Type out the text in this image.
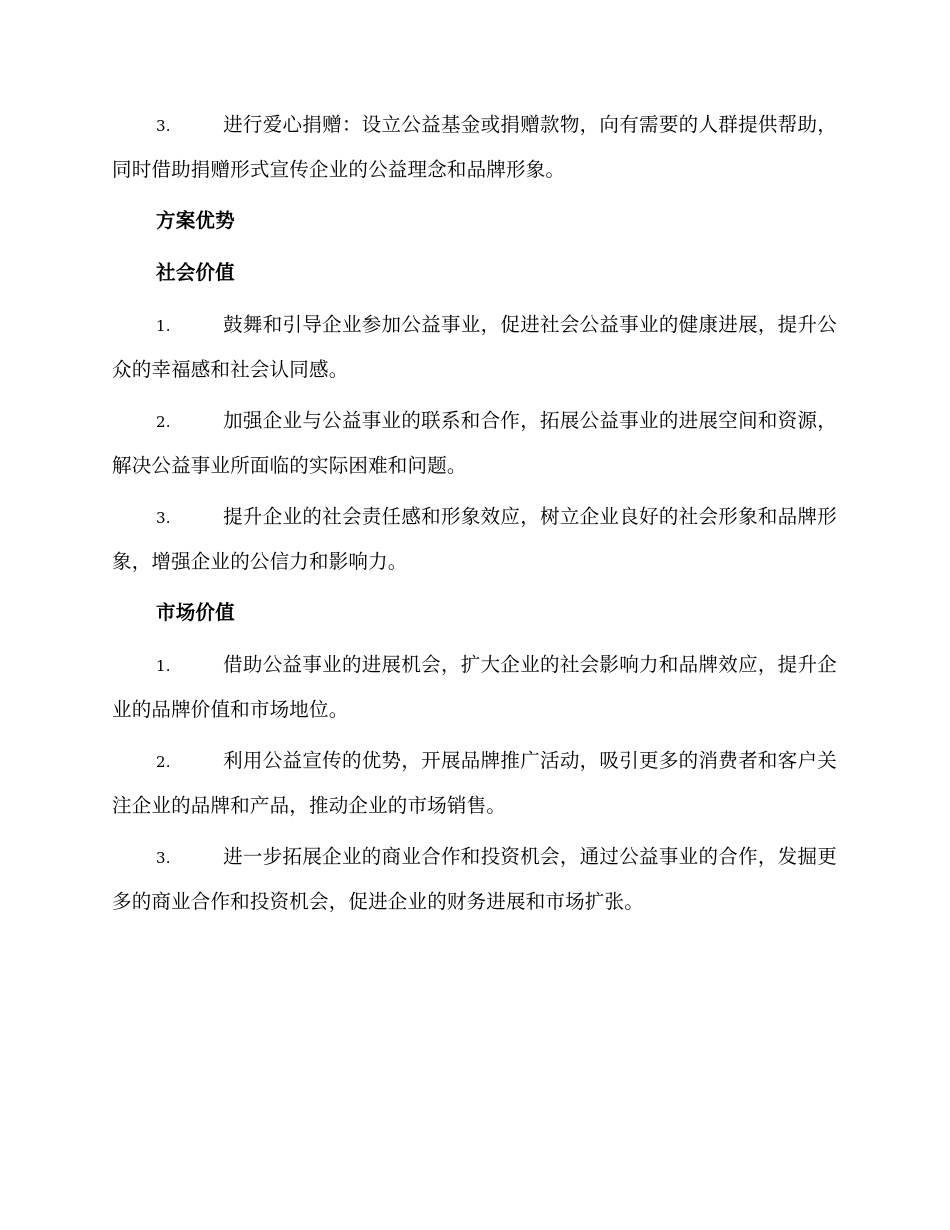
3.	进行爱心捐赠：设立公益基金或捐赠款物，向有需要的人群提供帮助，同时借助捐赠形式宣传企业的公益理念和品牌形象。

方案优势
社会价值

1.	鼓舞和引导企业参加公益事业，促进社会公益事业的健康进展，提升公众的幸福感和社会认同感。

2.	加强企业与公益事业的联系和合作，拓展公益事业的进展空间和资源，解决公益事业所面临的实际困难和问题。

3.	提升企业的社会责任感和形象效应，树立企业良好的社会形象和品牌形象，增强企业的公信力和影响力。

市场价值

1.	借助公益事业的进展机会，扩大企业的社会影响力和品牌效应，提升企业的品牌价值和市场地位。

2.	利用公益宣传的优势，开展品牌推广活动，吸引更多的消费者和客户关注企业的品牌和产品，推动企业的市场销售。

3.	进一步拓展企业的商业合作和投资机会，通过公益事业的合作，发掘更多的商业合作和投资机会，促进企业的财务进展和市场扩张。
